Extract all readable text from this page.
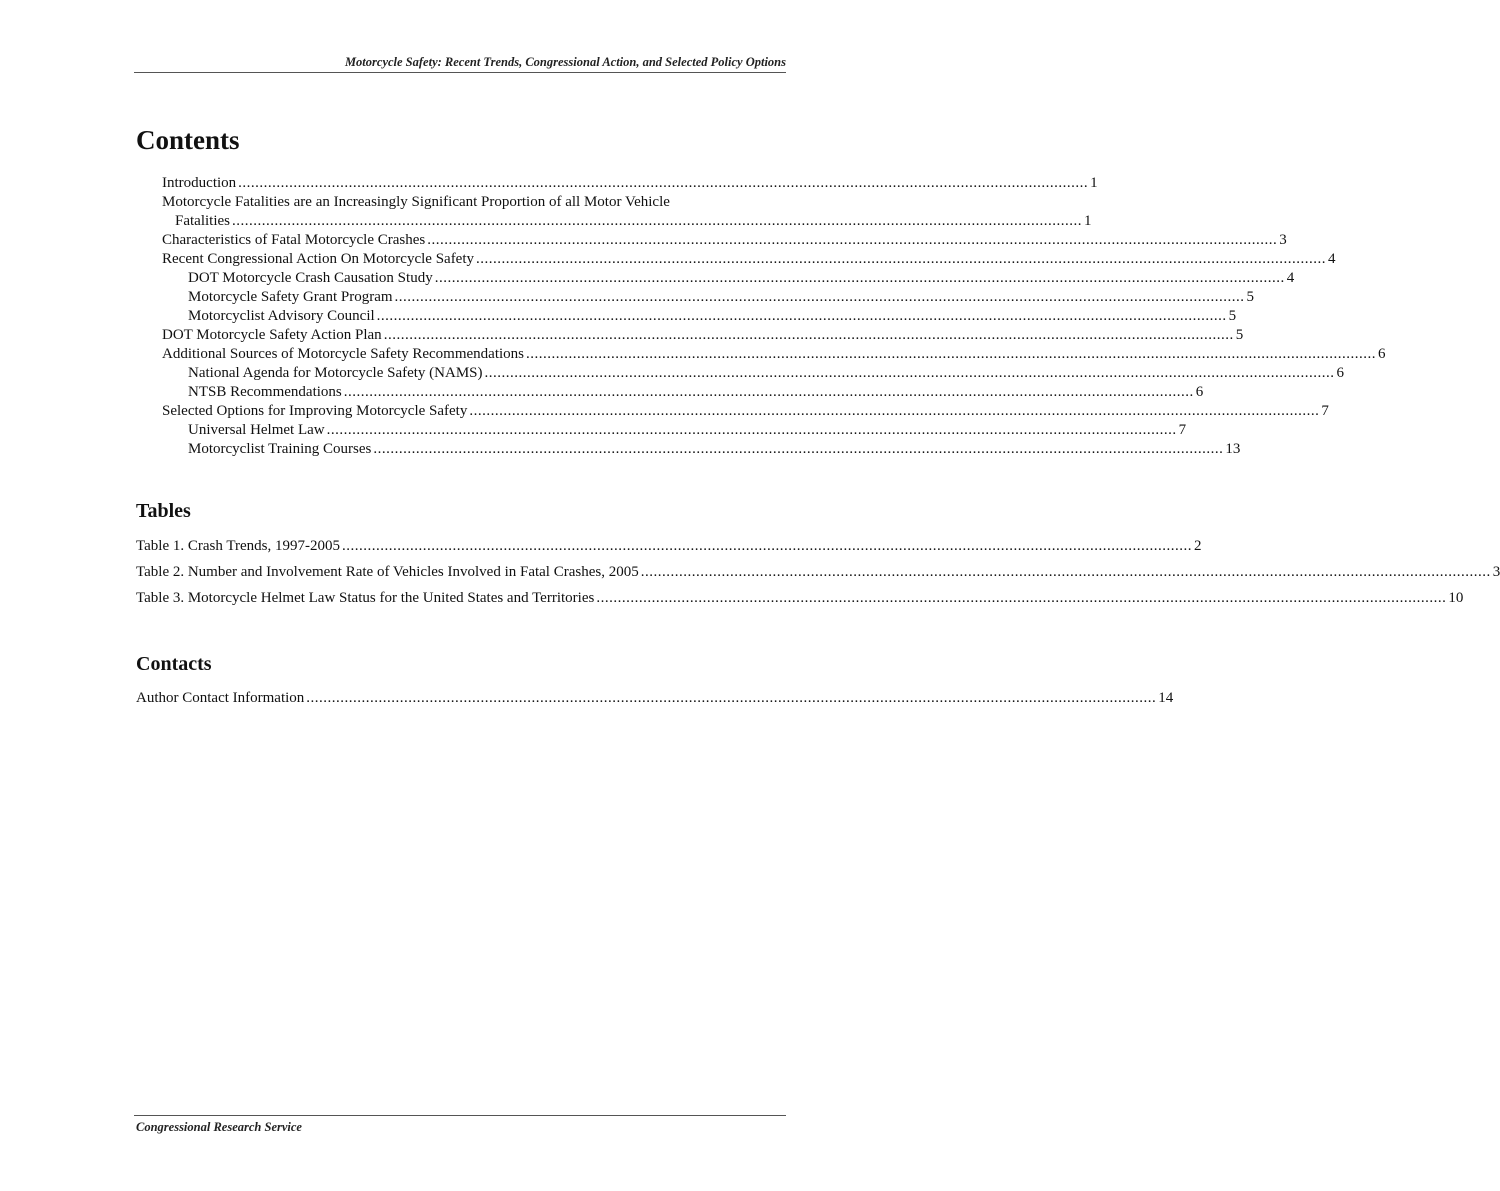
Motorcycle Safety: Recent Trends, Congressional Action, and Selected Policy Options
Contents
Introduction ........................................................................................................................................................................................................ 1
Motorcycle Fatalities are an Increasingly Significant Proportion of all Motor Vehicle
Fatalities ........................................................................................................................................................................................................ 1
Characteristics of Fatal Motorcycle Crashes ........................................................................................................................................................................................................ 3
Recent Congressional Action On Motorcycle Safety ........................................................................................................................................................................................................ 4
DOT Motorcycle Crash Causation Study ........................................................................................................................................................................................................ 4
Motorcycle Safety Grant Program ........................................................................................................................................................................................................ 5
Motorcyclist Advisory Council ........................................................................................................................................................................................................ 5
DOT Motorcycle Safety Action Plan ........................................................................................................................................................................................................ 5
Additional Sources of Motorcycle Safety Recommendations ........................................................................................................................................................................................................ 6
National Agenda for Motorcycle Safety (NAMS) ........................................................................................................................................................................................................ 6
NTSB Recommendations ........................................................................................................................................................................................................ 6
Selected Options for Improving Motorcycle Safety ........................................................................................................................................................................................................ 7
Universal Helmet Law ........................................................................................................................................................................................................ 7
Motorcyclist Training Courses ........................................................................................................................................................................................................ 13
Tables
Table 1. Crash Trends, 1997-2005 ........................................................................................................................................................................................................ 2
Table 2. Number and Involvement Rate of Vehicles Involved in Fatal Crashes, 2005 ........................................................................................................................................................................................................ 3
Table 3. Motorcycle Helmet Law Status for the United States and Territories ........................................................................................................................................................................................................ 10
Contacts
Author Contact Information ........................................................................................................................................................................................................ 14
Congressional Research Service
